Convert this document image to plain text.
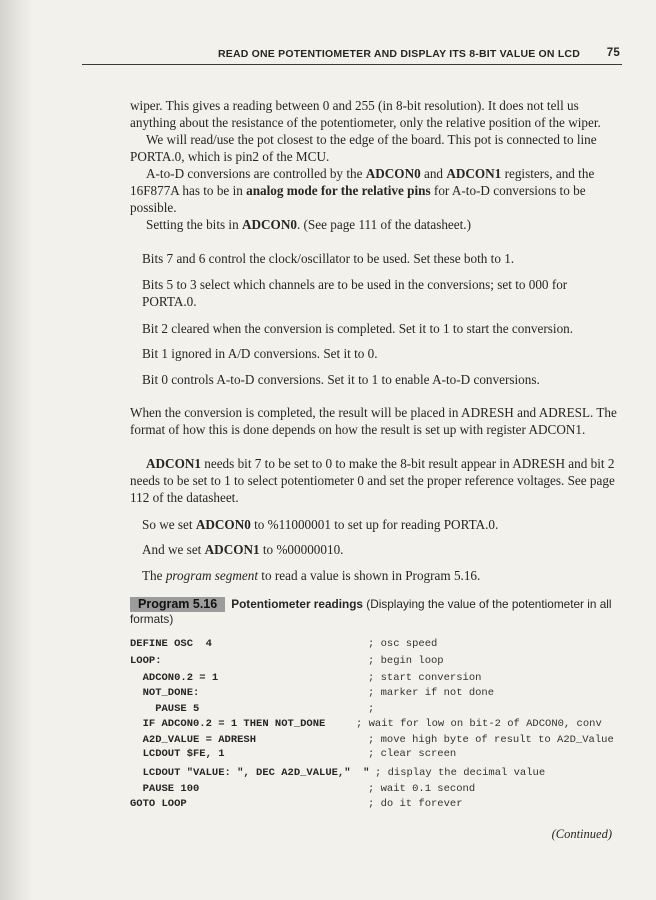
READ ONE POTENTIOMETER AND DISPLAY ITS 8-BIT VALUE ON LCD 75

wiper. This gives a reading between 0 and 255 (in 8-bit resolution). It does not tell us anything about the resistance of the potentiometer, only the relative position of the wiper.

We will read/use the pot closest to the edge of the board. This pot is connected to line PORTA.0, which is pin2 of the MCU.

A-to-D conversions are controlled by the ADCON0 and ADCON1 registers, and the 16F877A has to be in analog mode for the relative pins for A-to-D conversions to be possible.

Setting the bits in ADCON0. (See page 111 of the datasheet.)

Bits 7 and 6 control the clock/oscillator to be used. Set these both to 1.

Bits 5 to 3 select which channels are to be used in the conversions; set to 000 for PORTA.0.

Bit 2 cleared when the conversion is completed. Set it to 1 to start the conversion.

Bit 1 ignored in A/D conversions. Set it to 0.

Bit 0 controls A-to-D conversions. Set it to 1 to enable A-to-D conversions.

When the conversion is completed, the result will be placed in ADRESH and ADRESL. The format of how this is done depends on how the result is set up with register ADCON1.

ADCON1 needs bit 7 to be set to 0 to make the 8-bit result appear in ADRESH and bit 2 needs to be set to 1 to select potentiometer 0 and set the proper reference voltages. See page 112 of the datasheet.

So we set ADCON0 to %11000001 to set up for reading PORTA.0.

And we set ADCON1 to %00000010.

The program segment to read a value is shown in Program 5.16.

Program 5.16 Potentiometer readings (Displaying the value of the potentiometer in all formats)
DEFINE OSC  4	; osc speed
LOOP:	; begin loop
ADCON0.2 = 1	; start conversion
NOT_DONE:	; marker if not done
PAUSE 5	;
IF ADCON0.2 = 1 THEN NOT_DONE	; wait for low on bit-2 of ADCON0, conv
A2D_VALUE = ADRESH	; move high byte of result to A2D_Value
LCDOUT $FE, 1	; clear screen
LCDOUT "VALUE: ", DEC A2D_VALUE,"  " ; display the decimal value
PAUSE 100	; wait 0.1 second
GOTO LOOP	; do it forever
(Continued)
